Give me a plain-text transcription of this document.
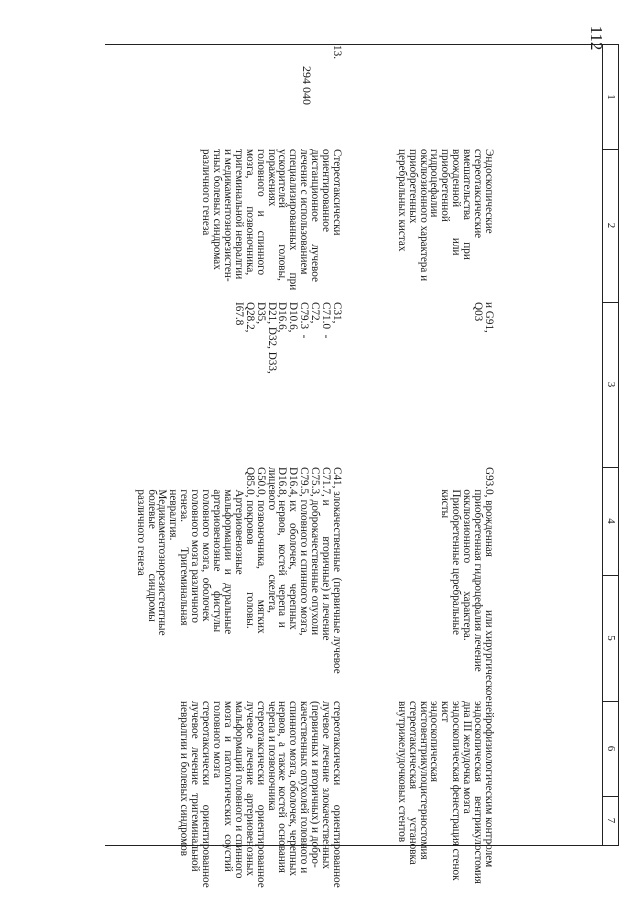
112
294 040	1
2
3
4
5
6
7
Эндоскопические
стереотаксические
вмешательства        при
врожденной           или
приобретенной
гидроцефалии
окклюзионного характера и
приобретенных
церебральных кистах
и G91,
Q03
G93.0, врожденная                   или хирургическое
приобретенная гидроцефалия лечение
окклюзионного          характера.
Приобретенные церебральные
кисты
нейрофизиологическим контролем
эндоскопическая     вентрикулостомия
дна III желудочка мозга
эндоскопическая фенестрация стенок
кист
эндоскопическая
кистовентрикулоцистерностомия
стереотаксическая          установка
внутрижелудочковых стентов
13.
Стереотаксически
ориентированное
дистанционное        лучевое
лечение с использованием
специализированных        при
ускорителей             головы,
поражениях
головного     и     спинного
мозга,          позвоночника,
тригеминальной невралгии
и медикаментознорезистен-
тных болевых синдромах
различного генеза
C31,
C71.0  -
C72,
C79.3  -
D10.6,
D16.6,
D21, D32, D33,
D35,
Q28.2,
I67.8
C41, злокачественные  (первичные лучевое
C71.7, и           вторичные) и лечение
C75.3, доброкачественные опухоли
C79.5, головного и спинного мозга,
D16.4, их    оболочек,     черепных
D16.8, нервов,   костей   черепа  и
лицевого                       скелета,
G50.0, позвоночника,           мягких
Q85.0, покровов                 головы.
Артериовенозные
мальформации   и   дуральные
артериовенозные       фистулы
головного  мозга,  оболочек
головного мозга различного
генеза.         Тригеминальная
невралгия.
Медикаментознорезистентные
болевые                синдромы
различного генеза
стереотаксически       ориентированное
лучевое  лечение  злокачественных
(первичных и вторичных) и добро-
качественных опухолей головного и
спинного мозга, оболочек, черепных
нервов,  а  также  костей  основания
черепа и позвоночника
стереотаксически       ориентированное
лучевое   лечение   артериовенозных
мальформаций головного и спинного
мозга   и   патологических   соустий
головного мозга
стереотаксически       ориентированное
лучевое   лечение   тригеминальной
невралгии и болевых синдромов
